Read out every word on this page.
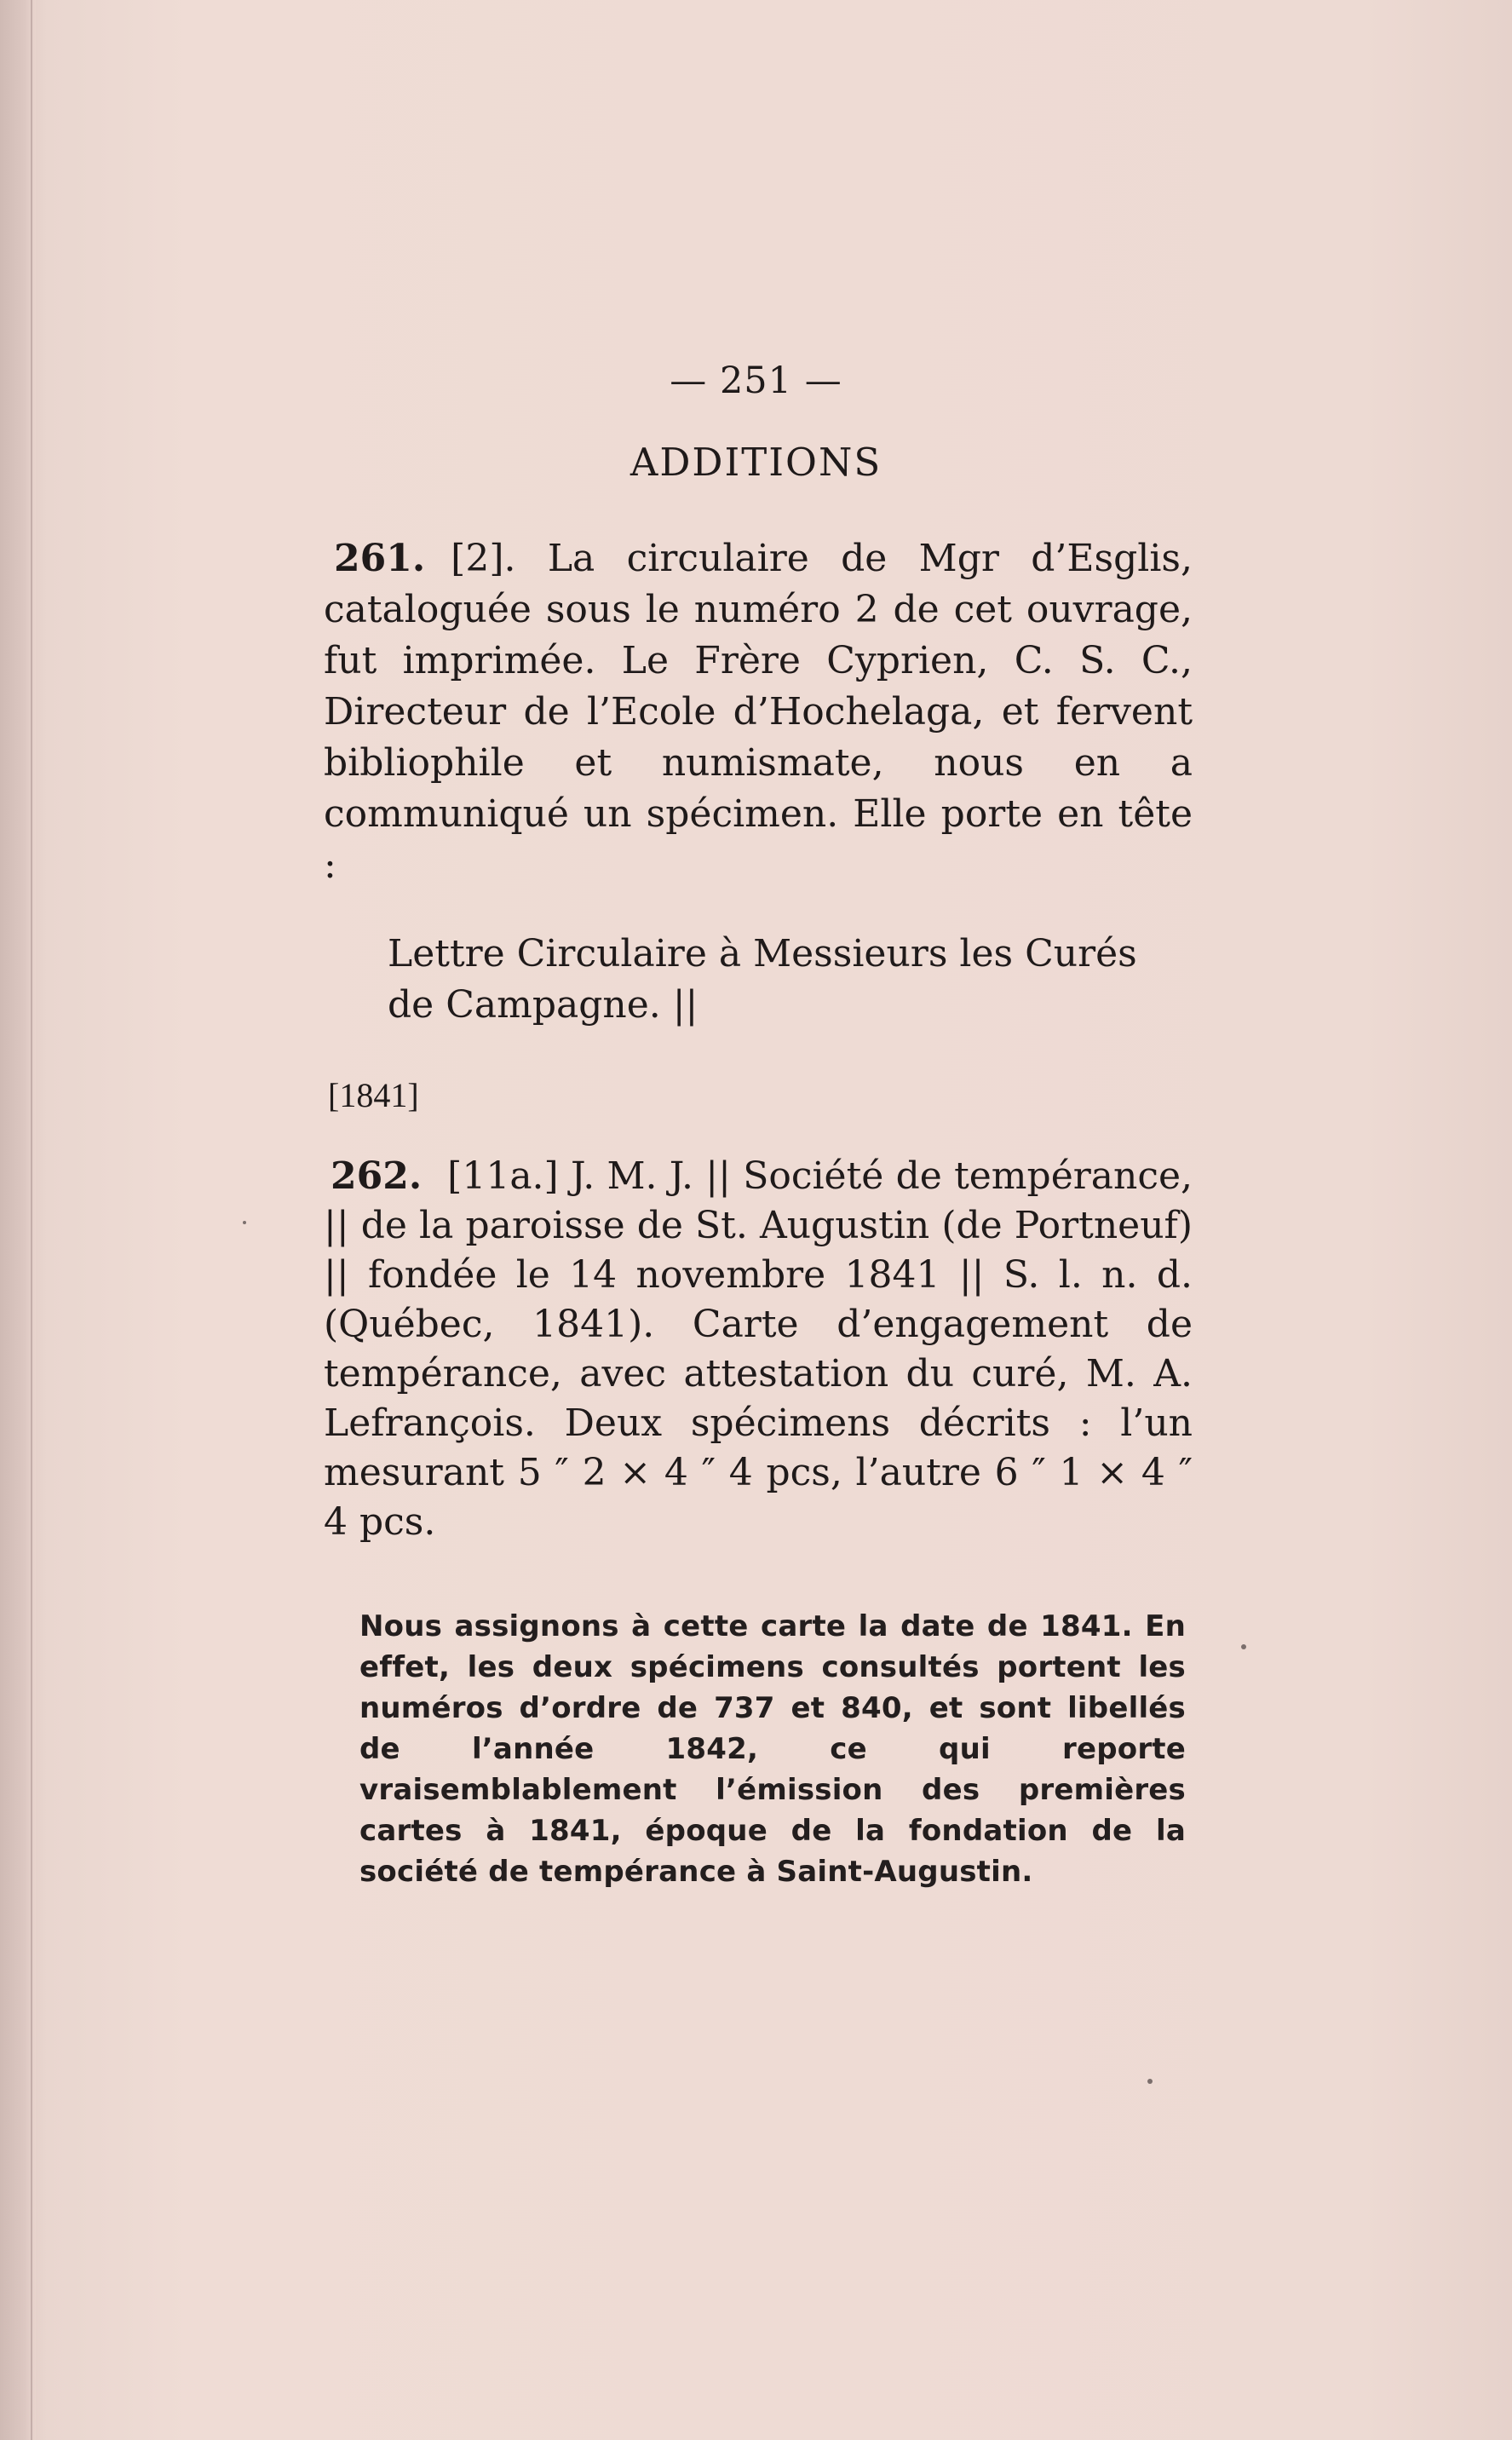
— 251 —
ADDITIONS
261. [2]. La circulaire de Mgr d’Esglis, cataloguée sous le numéro 2 de cet ouvrage, fut imprimée. Le Frère Cyprien, C. S. C., Directeur de l’Ecole d’Hochelaga, et fervent bibliophile et numismate, nous en a communiqué un spécimen. Elle porte en tête :
Lettre Circulaire à Messieurs les Curés de Campagne. ||
[1841]
262. [11a.] J. M. J. || Société de tempérance, || de la paroisse de St. Augustin (de Portneuf) || fondée le 14 novembre 1841 || S. l. n. d. (Québec, 1841). Carte d’engagement de tempérance, avec attestation du curé, M. A. Lefrançois. Deux spécimens décrits : l’un mesurant 5 ″ 2 × 4 ″ 4 pcs, l’autre 6 ″ 1 × 4 ″ 4 pcs.
Nous assignons à cette carte la date de 1841. En effet, les deux spécimens consultés portent les numéros d’ordre de 737 et 840, et sont libellés de l’année 1842, ce qui reporte vraisemblablement l’émission des premières cartes à 1841, époque de la fondation de la société de tempérance à Saint-Augustin.
